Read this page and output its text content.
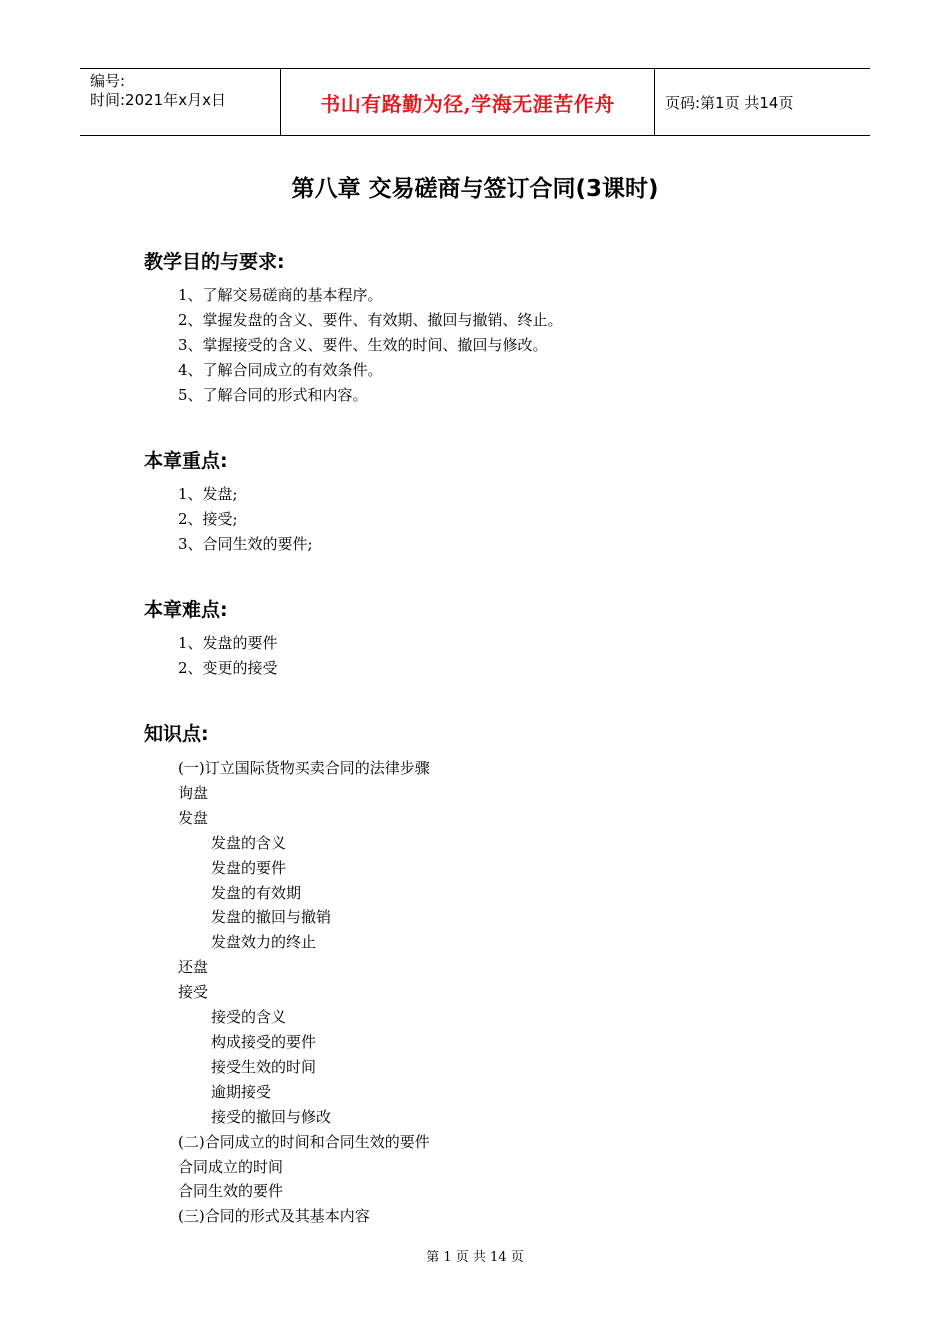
编号:
时间:2021年x月x日	书山有路勤为径,学海无涯苦作舟	页码:第1页 共14页
第八章 交易磋商与签订合同(3课时)
教学目的与要求:
1、了解交易磋商的基本程序。
2、掌握发盘的含义、要件、有效期、撤回与撤销、终止。
3、掌握接受的含义、要件、生效的时间、撤回与修改。
4、了解合同成立的有效条件。
5、了解合同的形式和内容。
本章重点:
1、发盘;
2、接受;
3、合同生效的要件;
本章难点:
1、发盘的要件
2、变更的接受
知识点:
(一)订立国际货物买卖合同的法律步骤
询盘
发盘
发盘的含义
发盘的要件
发盘的有效期
发盘的撤回与撤销
发盘效力的终止
还盘
接受
接受的含义
构成接受的要件
接受生效的时间
逾期接受
接受的撤回与修改
(二)合同成立的时间和合同生效的要件
合同成立的时间
合同生效的要件
(三)合同的形式及其基本内容
第 1 页 共 14 页
